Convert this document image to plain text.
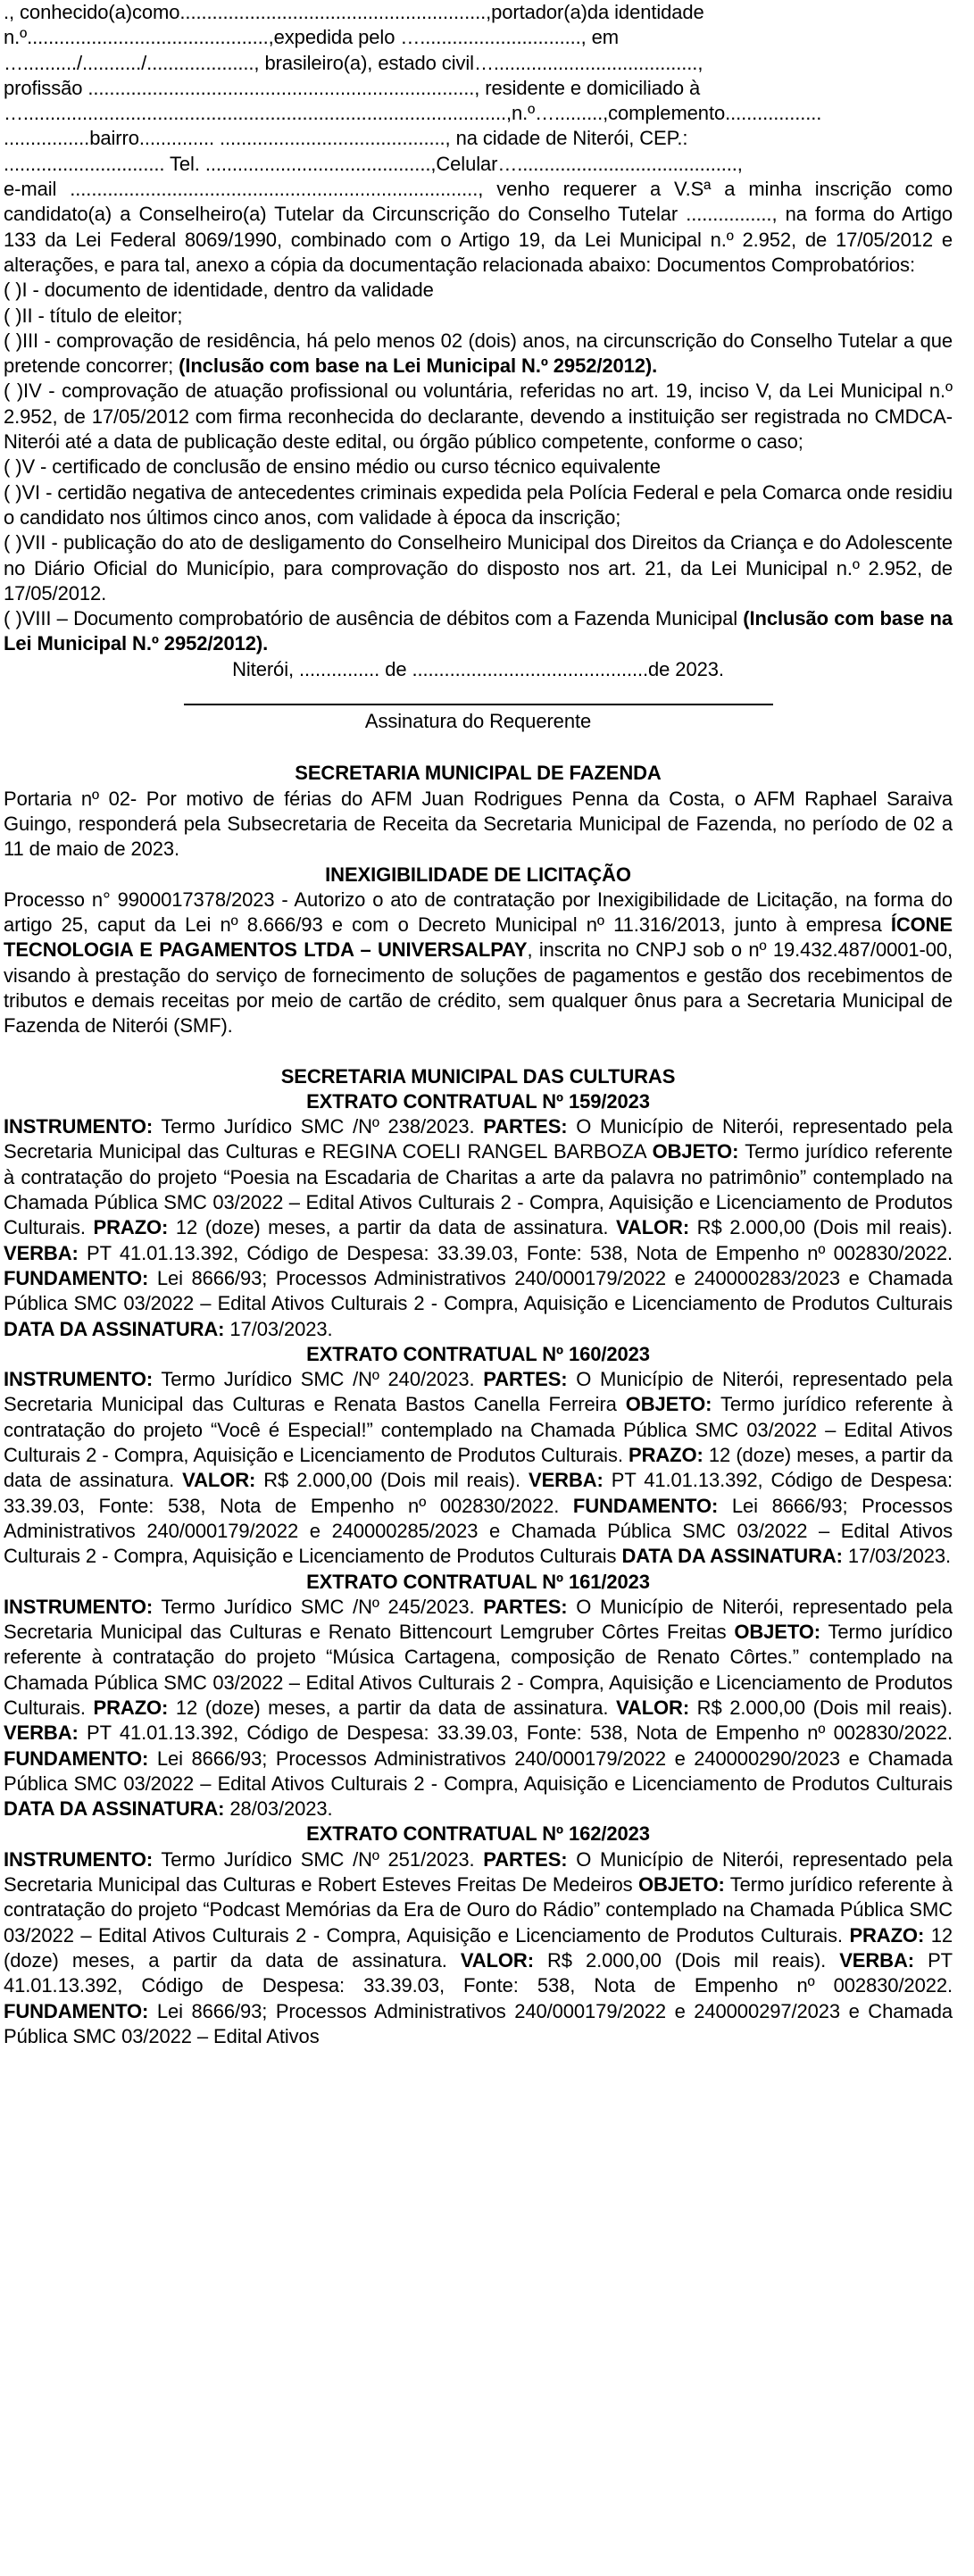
., conhecido(a)como.........................................................,portador(a)da identidade

n.º.............................................,expedida pelo ….............................., em

…........../.........../...................., brasileiro(a), estado civil…......................................,

profissão ........................................................................, residente e domiciliado à

…..........................................................................................,n.º….........,complemento..................

................bairro.............. .........................................., na cidade de Niterói, CEP.:

.............................. Tel. ..........................................,Celular….........................................,

e-mail ............................................................................, venho requerer a V.Sª a minha inscrição como candidato(a) a Conselheiro(a) Tutelar da Circunscrição do Conselho Tutelar ................, na forma do Artigo 133 da Lei Federal 8069/1990, combinado com o Artigo 19, da Lei Municipal n.º 2.952, de 17/05/2012 e alterações, e para tal, anexo a cópia da documentação relacionada abaixo: Documentos Comprobatórios:

( )I - documento de identidade, dentro da validade

( )II - título de eleitor;

( )III - comprovação de residência, há pelo menos 02 (dois) anos, na circunscrição do Conselho Tutelar a que pretende concorrer; (Inclusão com base na Lei Municipal N.º 2952/2012).

( )IV - comprovação de atuação profissional ou voluntária, referidas no art. 19, inciso V, da Lei Municipal n.º 2.952, de 17/05/2012 com firma reconhecida do declarante, devendo a instituição ser registrada no CMDCA-Niterói até a data de publicação deste edital, ou órgão público competente, conforme o caso;

( )V - certificado de conclusão de ensino médio ou curso técnico equivalente

( )VI - certidão negativa de antecedentes criminais expedida pela Polícia Federal e pela Comarca onde residiu o candidato nos últimos cinco anos, com validade à época da inscrição;

( )VII - publicação do ato de desligamento do Conselheiro Municipal dos Direitos da Criança e do Adolescente no Diário Oficial do Município, para comprovação do disposto nos art. 21, da Lei Municipal n.º 2.952, de 17/05/2012.

( )VIII – Documento comprobatório de ausência de débitos com a Fazenda Municipal (Inclusão com base na Lei Municipal N.º 2952/2012).

Niterói, ............... de ............................................de 2023.

Assinatura do Requerente

SECRETARIA MUNICIPAL DE FAZENDA

Portaria nº 02- Por motivo de férias do AFM Juan Rodrigues Penna da Costa, o AFM Raphael Saraiva Guingo, responderá pela Subsecretaria de Receita da Secretaria Municipal de Fazenda, no período de 02 a 11 de maio de 2023.

INEXIGIBILIDADE DE LICITAÇÃO

Processo n° 9900017378/2023 - Autorizo o ato de contratação por Inexigibilidade de Licitação, na forma do artigo 25, caput da Lei nº 8.666/93 e com o Decreto Municipal nº 11.316/2013, junto à empresa ÍCONE TECNOLOGIA E PAGAMENTOS LTDA – UNIVERSALPAY, inscrita no CNPJ sob o nº 19.432.487/0001-00, visando à prestação do serviço de fornecimento de soluções de pagamentos e gestão dos recebimentos de tributos e demais receitas por meio de cartão de crédito, sem qualquer ônus para a Secretaria Municipal de Fazenda de Niterói (SMF).

SECRETARIA MUNICIPAL DAS CULTURAS

EXTRATO CONTRATUAL Nº 159/2023

INSTRUMENTO: Termo Jurídico SMC /Nº 238/2023. PARTES: O Município de Niterói, representado pela Secretaria Municipal das Culturas e REGINA COELI RANGEL BARBOZA OBJETO: Termo jurídico referente à contratação do projeto “Poesia na Escadaria de Charitas a arte da palavra no patrimônio” contemplado na Chamada Pública SMC 03/2022 – Edital Ativos Culturais 2 - Compra, Aquisição e Licenciamento de Produtos Culturais. PRAZO: 12 (doze) meses, a partir da data de assinatura. VALOR: R$ 2.000,00 (Dois mil reais). VERBA: PT 41.01.13.392, Código de Despesa: 33.39.03, Fonte: 538, Nota de Empenho nº 002830/2022. FUNDAMENTO: Lei 8666/93; Processos Administrativos 240/000179/2022 e 240000283/2023 e Chamada Pública SMC 03/2022 – Edital Ativos Culturais 2 - Compra, Aquisição e Licenciamento de Produtos Culturais DATA DA ASSINATURA: 17/03/2023.

EXTRATO CONTRATUAL Nº 160/2023

INSTRUMENTO: Termo Jurídico SMC /Nº 240/2023. PARTES: O Município de Niterói, representado pela Secretaria Municipal das Culturas e Renata Bastos Canella Ferreira OBJETO: Termo jurídico referente à contratação do projeto “Você é Especial!” contemplado na Chamada Pública SMC 03/2022 – Edital Ativos Culturais 2 - Compra, Aquisição e Licenciamento de Produtos Culturais. PRAZO: 12 (doze) meses, a partir da data de assinatura. VALOR: R$ 2.000,00 (Dois mil reais). VERBA: PT 41.01.13.392, Código de Despesa: 33.39.03, Fonte: 538, Nota de Empenho nº 002830/2022. FUNDAMENTO: Lei 8666/93; Processos Administrativos 240/000179/2022 e 240000285/2023 e Chamada Pública SMC 03/2022 – Edital Ativos Culturais 2 - Compra, Aquisição e Licenciamento de Produtos Culturais DATA DA ASSINATURA: 17/03/2023.

EXTRATO CONTRATUAL Nº 161/2023

INSTRUMENTO: Termo Jurídico SMC /Nº 245/2023. PARTES: O Município de Niterói, representado pela Secretaria Municipal das Culturas e Renato Bittencourt Lemgruber Côrtes Freitas OBJETO: Termo jurídico referente à contratação do projeto “Música Cartagena, composição de Renato Côrtes.” contemplado na Chamada Pública SMC 03/2022 – Edital Ativos Culturais 2 - Compra, Aquisição e Licenciamento de Produtos Culturais. PRAZO: 12 (doze) meses, a partir da data de assinatura. VALOR: R$ 2.000,00 (Dois mil reais). VERBA: PT 41.01.13.392, Código de Despesa: 33.39.03, Fonte: 538, Nota de Empenho nº 002830/2022. FUNDAMENTO: Lei 8666/93; Processos Administrativos 240/000179/2022 e 240000290/2023 e Chamada Pública SMC 03/2022 – Edital Ativos Culturais 2 - Compra, Aquisição e Licenciamento de Produtos Culturais DATA DA ASSINATURA: 28/03/2023.

EXTRATO CONTRATUAL Nº 162/2023

INSTRUMENTO: Termo Jurídico SMC /Nº 251/2023. PARTES: O Município de Niterói, representado pela Secretaria Municipal das Culturas e Robert Esteves Freitas De Medeiros OBJETO: Termo jurídico referente à contratação do projeto “Podcast Memórias da Era de Ouro do Rádio” contemplado na Chamada Pública SMC 03/2022 – Edital Ativos Culturais 2 - Compra, Aquisição e Licenciamento de Produtos Culturais. PRAZO: 12 (doze) meses, a partir da data de assinatura. VALOR: R$ 2.000,00 (Dois mil reais). VERBA: PT 41.01.13.392, Código de Despesa: 33.39.03, Fonte: 538, Nota de Empenho nº 002830/2022. FUNDAMENTO: Lei 8666/93; Processos Administrativos 240/000179/2022 e 240000297/2023 e Chamada Pública SMC 03/2022 – Edital Ativos
